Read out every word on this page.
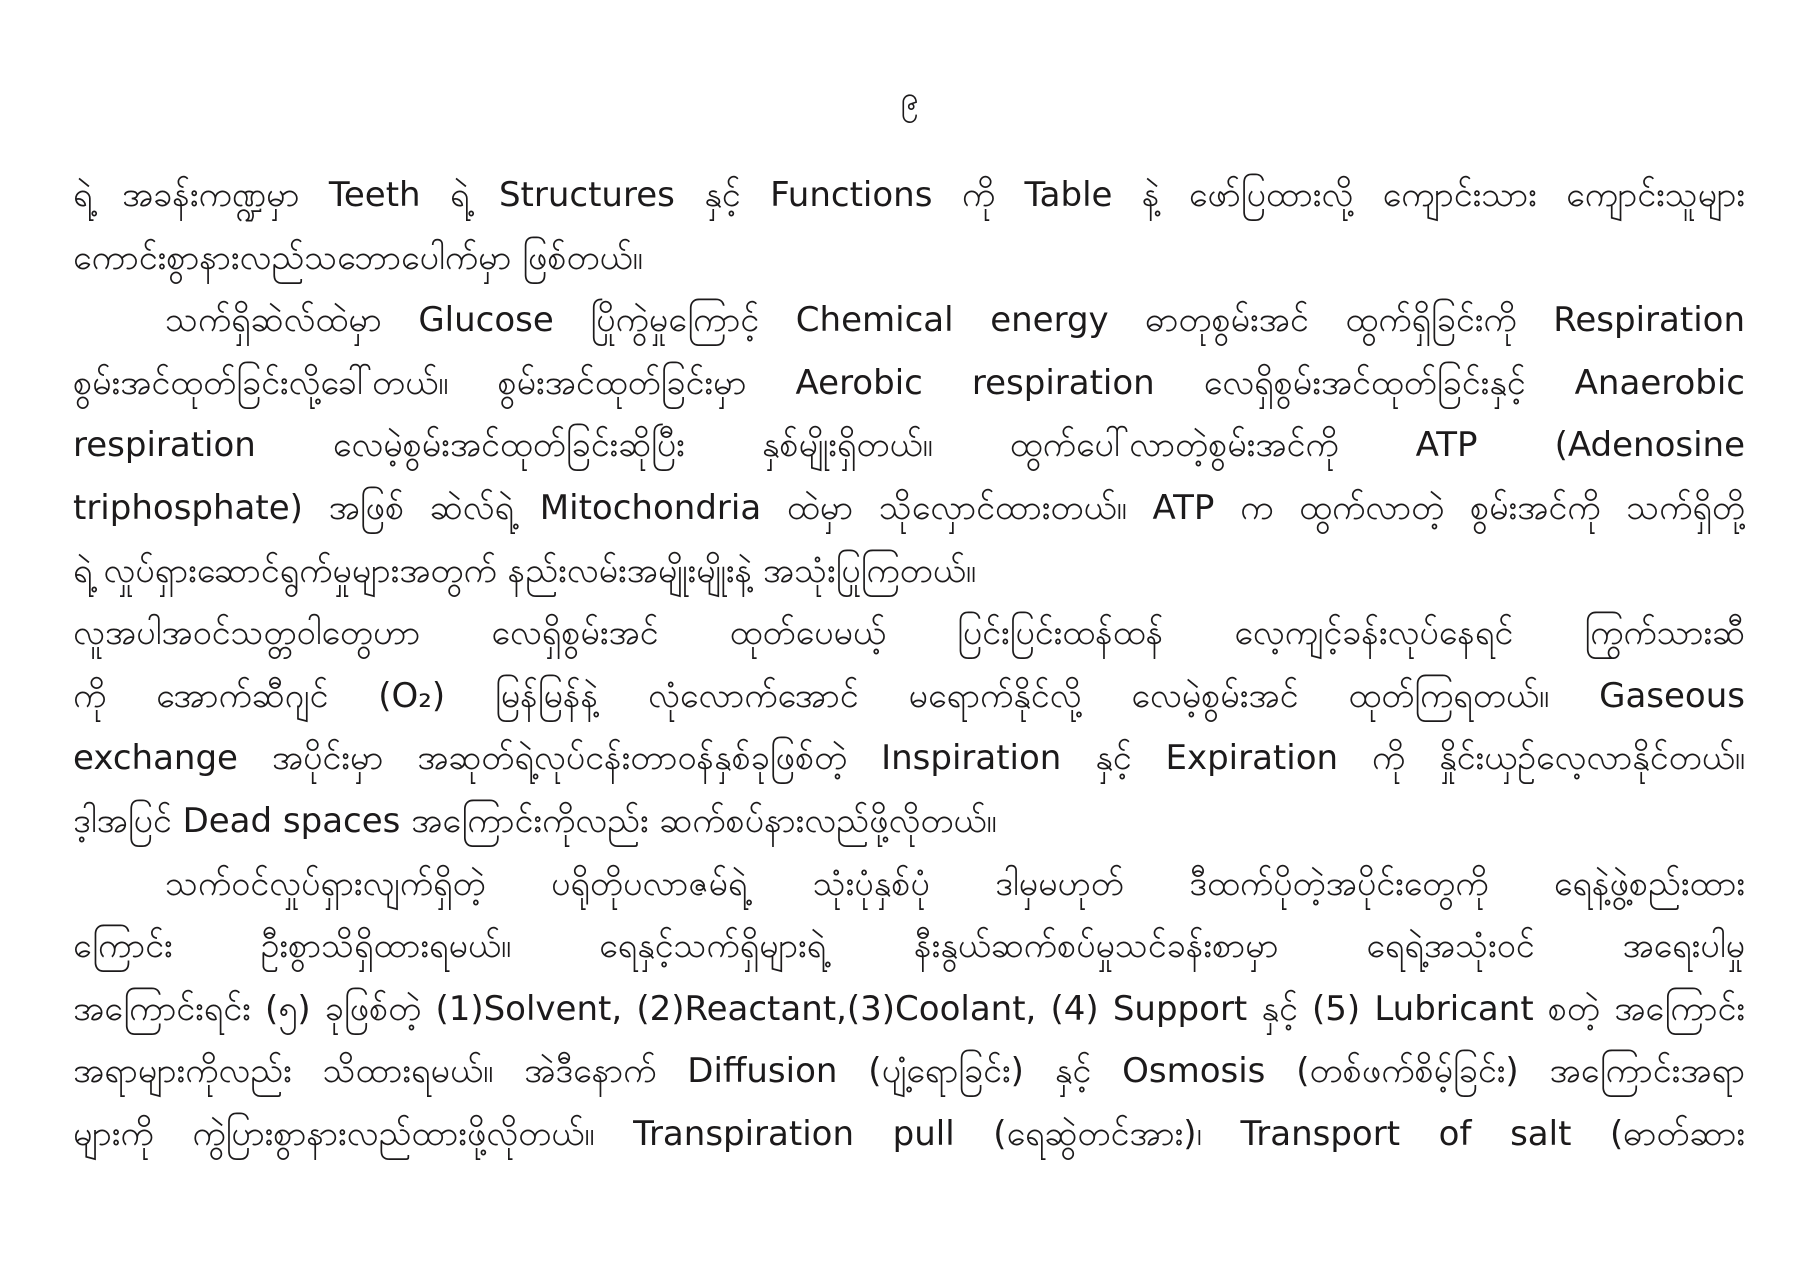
၉
ရဲ့ အခန်းကဏ္ဍမှာ Teeth ရဲ့ Structures နှင့် Functions ကို Table နဲ့ ဖော်ပြထားလို့ ကျောင်းသား ကျောင်းသူများ
ကောင်းစွာနားလည်သဘောပေါက်မှာ ဖြစ်တယ်။
သက်ရှိဆဲလ်ထဲမှာ Glucose ပြိုကွဲမှုကြောင့် Chemical energy ဓာတုစွမ်းအင် ထွက်ရှိခြင်းကို Respiration
စွမ်းအင်ထုတ်ခြင်းလို့ခေါ်တယ်။ စွမ်းအင်ထုတ်ခြင်းမှာ Aerobic respiration လေရှိစွမ်းအင်ထုတ်ခြင်းနှင့် Anaerobic
respiration လေမဲ့စွမ်းအင်ထုတ်ခြင်းဆိုပြီး နှစ်မျိုးရှိတယ်။ ထွက်ပေါ်လာတဲ့စွမ်းအင်ကို ATP (Adenosine
triphosphate) အဖြစ် ဆဲလ်ရဲ့ Mitochondria ထဲမှာ သိုလှောင်ထားတယ်။ ATP က ထွက်လာတဲ့ စွမ်းအင်ကို သက်ရှိတို့
ရဲ့ လှုပ်ရှားဆောင်ရွက်မှုများအတွက် နည်းလမ်းအမျိုးမျိုးနဲ့ အသုံးပြုကြတယ်။
လူအပါအဝင်သတ္တဝါတွေဟာ လေရှိစွမ်းအင် ထုတ်ပေမယ့် ပြင်းပြင်းထန်ထန် လေ့ကျင့်ခန်းလုပ်နေရင် ကြွက်သားဆီ
ကို အောက်ဆီဂျင် (O₂) မြန်မြန်နဲ့ လုံလောက်အောင် မရောက်နိုင်လို့ လေမဲ့စွမ်းအင် ထုတ်ကြရတယ်။ Gaseous
exchange အပိုင်းမှာ အဆုတ်ရဲ့လုပ်ငန်းတာဝန်နှစ်ခုဖြစ်တဲ့ Inspiration နှင့် Expiration ကို နှိုင်းယှဉ်လေ့လာနိုင်တယ်။
ဒ့ါအပြင် Dead spaces အကြောင်းကိုလည်း ဆက်စပ်နားလည်ဖို့လိုတယ်။
သက်ဝင်လှုပ်ရှားလျက်ရှိတဲ့ ပရိုတိုပလာဇမ်ရဲ့ သုံးပုံနှစ်ပုံ ဒါမှမဟုတ် ဒီထက်ပိုတဲ့အပိုင်းတွေကို ရေနဲ့ဖွဲ့စည်းထား
ကြောင်း ဦးစွာသိရှိထားရမယ်။ ရေနှင့်သက်ရှိများရဲ့ နီးနွယ်ဆက်စပ်မှုသင်ခန်းစာမှာ ရေရဲ့အသုံးဝင် အရေးပါမှု
အကြောင်းရင်း (၅) ခုဖြစ်တဲ့ (1)Solvent, (2)Reactant,(3)Coolant, (4) Support နှင့် (5) Lubricant စတဲ့ အကြောင်း
အရာများကိုလည်း သိထားရမယ်။ အဲဒီနောက် Diffusion (ပျံ့ရောခြင်း) နှင့် Osmosis (တစ်ဖက်စိမ့်ခြင်း) အကြောင်းအရာ
များကို ကွဲပြားစွာနားလည်ထားဖို့လိုတယ်။ Transpiration pull (ရေဆွဲတင်အား)၊ Transport of salt (ဓာတ်ဆား
